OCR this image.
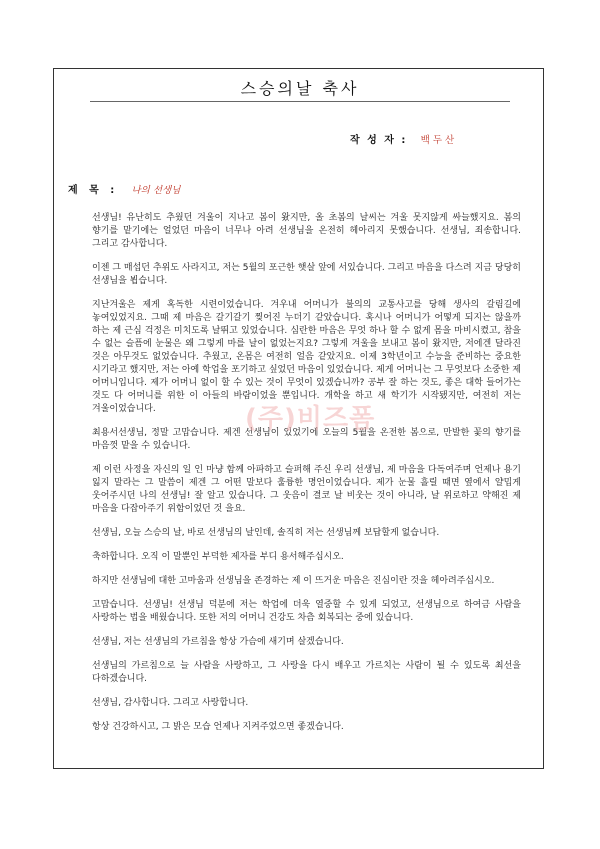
스승의날 축사
작 성 자 : 백 두 산
제 목 : 나의 선생님

선생님! 유난히도 추웠던 겨울이 지나고 봄이 왔지만, 올 초봄의 날씨는 겨울 못지않게 싸늘했지요. 봄의 향기를 맡기에는 얼었던 마음이 너무나 아려 선생님을 온전히 헤아리지 못했습니다. 선생님, 죄송합니다. 그리고 감사합니다.

이젠 그 매섭던 추위도 사라지고, 저는 5월의 포근한 햇살 앞에 서있습니다. 그리고 마음을 다스려 지금 당당히 선생님을 뵙습니다.

지난겨울은 제게 혹독한 시련이었습니다. 겨우내 어머니가 불의의 교통사고를 당해 생사의 갈림길에 놓여있었지요. 그때 제 마음은 갈기갈기 찢어진 누더기 같았습니다. 혹시나 어머니가 어떻게 되지는 않을까 하는 제 근심 걱정은 미치도록 날뛰고 있었습니다. 심란한 마음은 무엇 하나 할 수 없게 몸을 마비시켰고, 참을 수 없는 슬픔에 눈물은 왜 그렇게 마를 날이 없었는지요? 그렇게 겨울을 보내고 봄이 왔지만, 저에겐 달라진 것은 아무것도 없었습니다. 추웠고, 온몸은 여전히 얼음 같았지요. 이제 3학년이고 수능을 준비하는 중요한 시기라고 했지만, 저는 아예 학업을 포기하고 싶었던 마음이 있었습니다. 제게 어머니는 그 무엇보다 소중한 제 어머니입니다. 제가 어머니 없이 할 수 있는 것이 무엇이 있겠습니까? 공부 잘 하는 것도, 좋은 대학 들어가는 것도 다 어머니를 위한 이 아들의 바람이었을 뿐입니다. 개학을 하고 새 학기가 시작됐지만, 여전히 저는 겨울이었습니다.

최용서선생님, 정말 고맙습니다. 제겐 선생님이 있었기에 오늘의 5월을 온전한 봄으로, 만발한 꽃의 향기를 마음껏 맡을 수 있습니다.

제 이런 사정을 자신의 일 인 마냥 함께 아파하고 슬퍼해 주신 우리 선생님, 제 마음을 다독여주며 언제나 용기 잃지 말라는 그 말씀이 제겐 그 어떤 말보다 훌륭한 명언이었습니다. 제가 눈물 흘릴 때면 옆에서 얄밉게 웃어주시던 나의 선생님! 잘 알고 있습니다. 그 웃음이 결코 날 비웃는 것이 아니라, 날 위로하고 약해진 제 마음을 다잡아주기 위함이었던 것 을요.

선생님, 오늘 스승의 날, 바로 선생님의 날인데, 솔직히 저는 선생님께 보답할게 없습니다.

축하합니다. 오직 이 말뿐인 부덕한 제자를 부디 용서해주십시오.

하지만 선생님에 대한 고마움과 선생님을 존경하는 제 이 뜨거운 마음은 진심이란 것을 헤아려주십시오.

고맙습니다. 선생님! 선생님 덕분에 저는 학업에 더욱 열중할 수 있게 되었고, 선생님으로 하여금 사람을 사랑하는 법을 배웠습니다. 또한 저의 어머니 건강도 차츰 회복되는 중에 있습니다.

선생님, 저는 선생님의 가르침을 항상 가슴에 새기며 살겠습니다.

선생님의 가르침으로 늘 사람을 사랑하고, 그 사랑을 다시 배우고 가르치는 사람이 될 수 있도록 최선을 다하겠습니다.

선생님, 감사합니다. 그리고 사랑합니다.

항상 건강하시고, 그 밝은 모습 언제나 지켜주었으면 좋겠습니다.

(주)비즈폼
